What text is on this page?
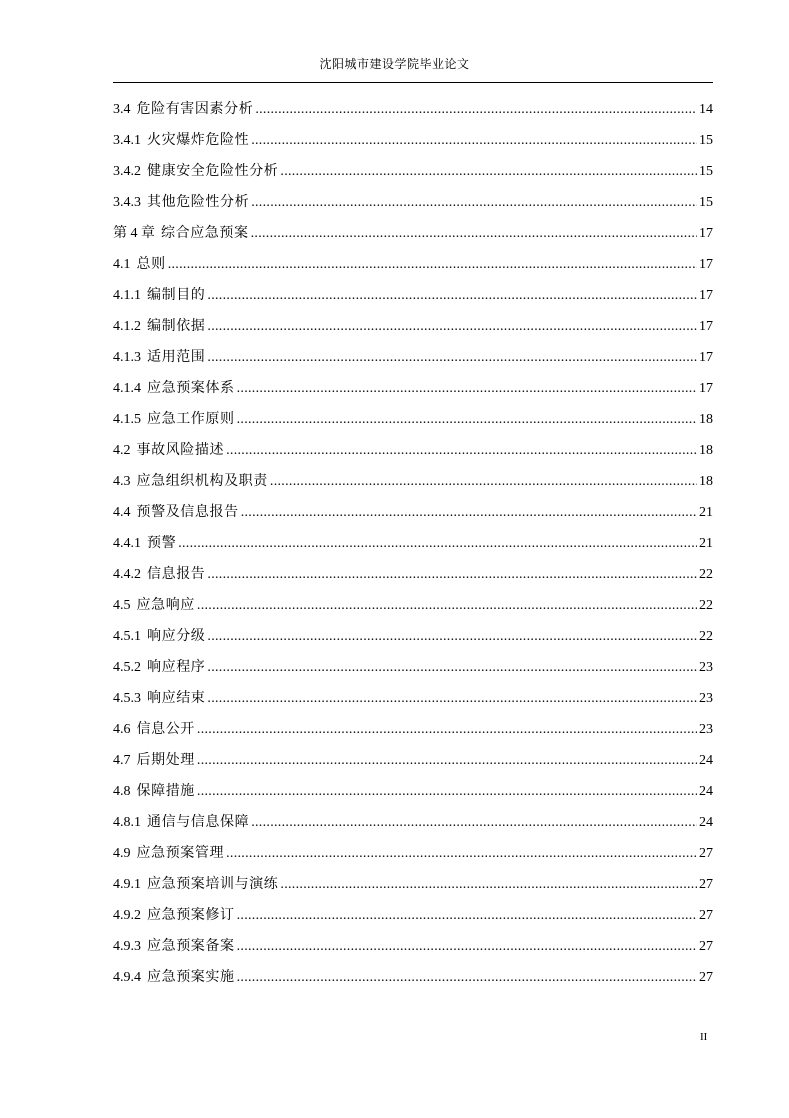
沈阳城市建设学院毕业论文
3.4 危险有害因素分析 .....	14
3.4.1 火灾爆炸危险性 .....	15
3.4.2 健康安全危险性分析 .....	15
3.4.3 其他危险性分析 .....	15
第 4 章 综合应急预案 .....	17
4.1 总则 .....	17
4.1.1 编制目的 .....	17
4.1.2 编制依据 .....	17
4.1.3 适用范围 .....	17
4.1.4 应急预案体系 .....	17
4.1.5 应急工作原则 .....	18
4.2 事故风险描述 .....	18
4.3 应急组织机构及职责 .....	18
4.4 预警及信息报告 .....	21
4.4.1 预警 .....	21
4.4.2 信息报告 .....	22
4.5 应急响应 .....	22
4.5.1 响应分级 .....	22
4.5.2 响应程序 .....	23
4.5.3 响应结束 .....	23
4.6 信息公开 .....	23
4.7 后期处理 .....	24
4.8 保障措施 .....	24
4.8.1 通信与信息保障 .....	24
4.9 应急预案管理 .....	27
4.9.1 应急预案培训与演练 .....	27
4.9.2 应急预案修订 .....	27
4.9.3 应急预案备案 .....	27
4.9.4 应急预案实施 .....	27
II
